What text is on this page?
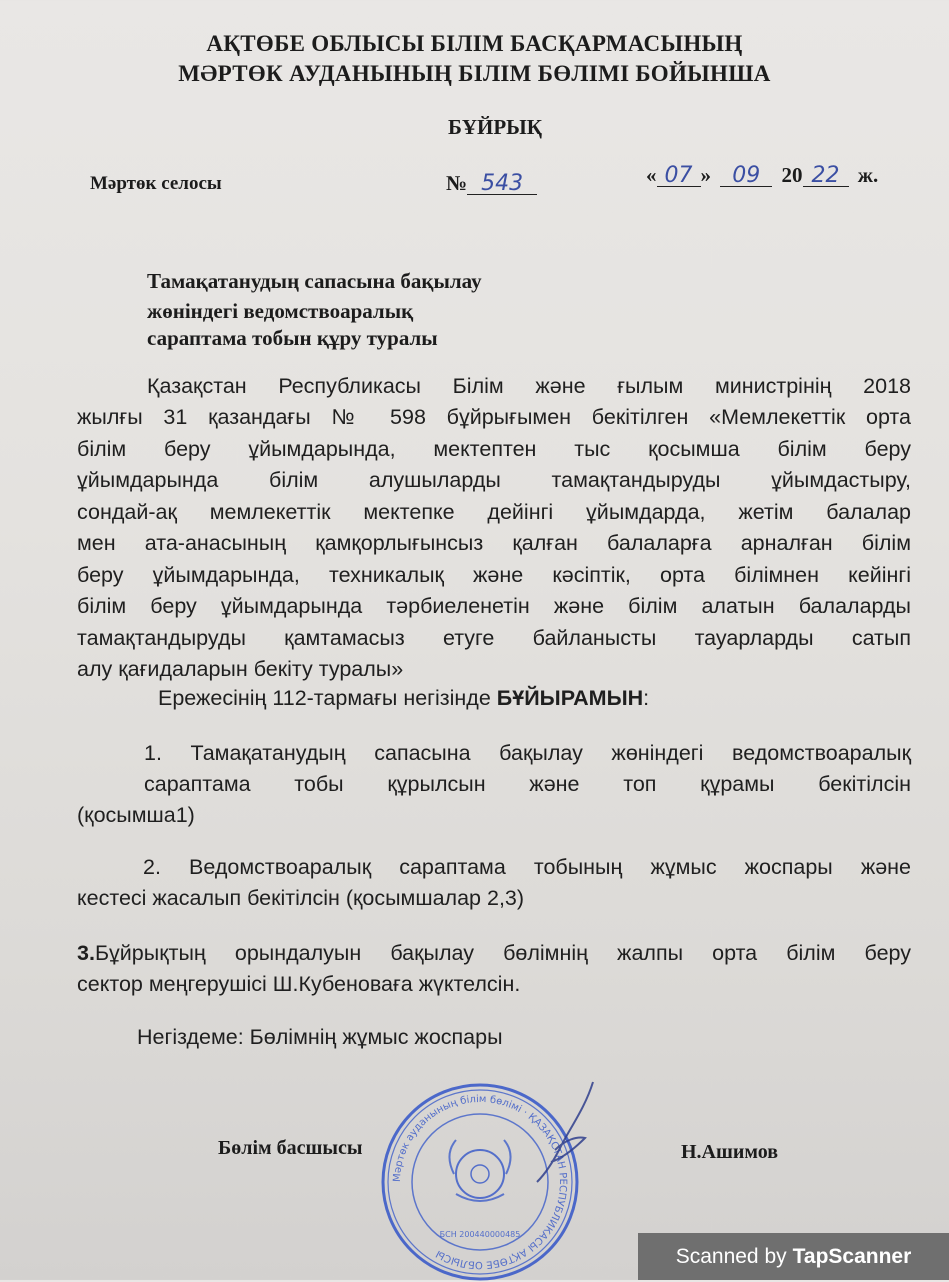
АҚТӨБЕ ОБЛЫСЫ БІЛІМ БАСҚАРМАСЫНЫҢ
МӘРТӨК АУДАНЫНЫҢ БІЛІМ БӨЛІМІ БОЙЫНША
БҰЙРЫҚ
Мәртөк селосы	№ 543	« 07 » 09 20 22 ж.
Тамақатанудың сапасына бақылау
жөніндегі ведомствоаралық
сараптама тобын құру туралы
Қазақстан Республикасы Білім және ғылым министрінің 2018
жылғы 31 қазандағы № 598 бұйрығымен бекітілген «Мемлекеттік орта
білім беру ұйымдарында, мектептен тыс қосымша білім беру
ұйымдарында білім алушыларды тамақтандыруды ұйымдастыру,
сондай-ақ мемлекеттік мектепке дейінгі ұйымдарда, жетім балалар
мен ата-анасының қамқорлығынсыз қалған балаларға арналған білім
беру ұйымдарында, техникалық және кәсіптік, орта білімнен кейінгі
білім беру ұйымдарында тәрбиеленетін және білім алатын балаларды
тамақтандыруды қамтамасыз етуге байланысты тауарларды сатып
алу қағидаларын бекіту туралы»
Ережесінің 112-тармағы негізінде БҰЙЫРАМЫН:
1. Тамақатанудың сапасына бақылау жөніндегі ведомствоаралық
сараптама тобы құрылсын және топ құрамы бекітілсін
(қосымша1)
2. Ведомствоаралық сараптама тобының жұмыс жоспары және
кестесі жасалып бекітілсін (қосымшалар 2,3)
3.Бұйрықтың орындалуын бақылау бөлімнің жалпы орта білім беру
сектор меңгерушісі Ш.Кубеноваға жүктелсін.
Негіздеме: Бөлімнің жұмыс жоспары
Мәртөк ауданының білім бөлімі · ҚАЗАҚСТАН РЕСПУБЛИКАСЫ АҚТӨБЕ ОБЛЫСЫ
БСН 200440000485
Бөлім басшысы	Н.Ашимов
Scanned by TapScanner
